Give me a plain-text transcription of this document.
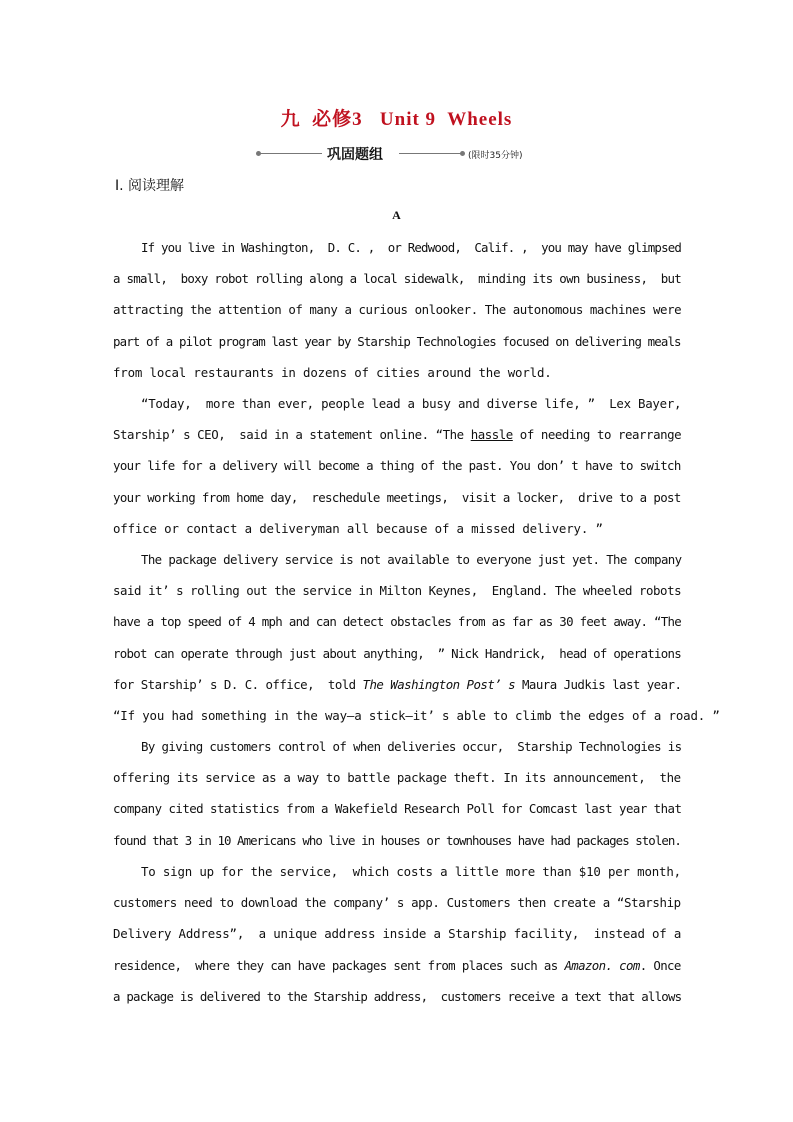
九  必修3   Unit 9  Wheels
巩固题组	(限时35分钟)
Ⅰ. 阅读理解
A
If you live in Washington,  D. C. ,  or Redwood,  Calif. ,  you may have glimpsed
a small,  boxy robot rolling along a local sidewalk,  minding its own business,  but
attracting the attention of many a curious onlooker. The autonomous machines were
part of a pilot program last year by Starship Technologies focused on delivering meals
from local restaurants in dozens of cities around the world.
“Today,  more than ever, people lead a busy and diverse life, ”  Lex Bayer,
Starship’ s CEO,  said in a statement online. “The hassle of needing to rearrange
your life for a delivery will become a thing of the past. You don’ t have to switch
your working from home day,  reschedule meetings,  visit a locker,  drive to a post
office or contact a deliveryman all because of a missed delivery. ”
The package delivery service is not available to everyone just yet. The company
said it’ s rolling out the service in Milton Keynes,  England. The wheeled robots
have a top speed of 4 mph and can detect obstacles from as far as 30 feet away. “The
robot can operate through just about anything,  ” Nick Handrick,  head of operations
for Starship’ s D. C. office,  told The Washington Post’ s Maura Judkis last year.
“If you had something in the way—a stick—it’ s able to climb the edges of a road. ”
By giving customers control of when deliveries occur,  Starship Technologies is
offering its service as a way to battle package theft. In its announcement,  the
company cited statistics from a Wakefield Research Poll for Comcast last year that
found that 3 in 10 Americans who live in houses or townhouses have had packages stolen.
To sign up for the service,  which costs a little more than $10 per month,
customers need to download the company’ s app. Customers then create a “Starship
Delivery Address”,  a unique address inside a Starship facility,  instead of a
residence,  where they can have packages sent from places such as Amazon. com. Once
a package is delivered to the Starship address,  customers receive a text that allows
